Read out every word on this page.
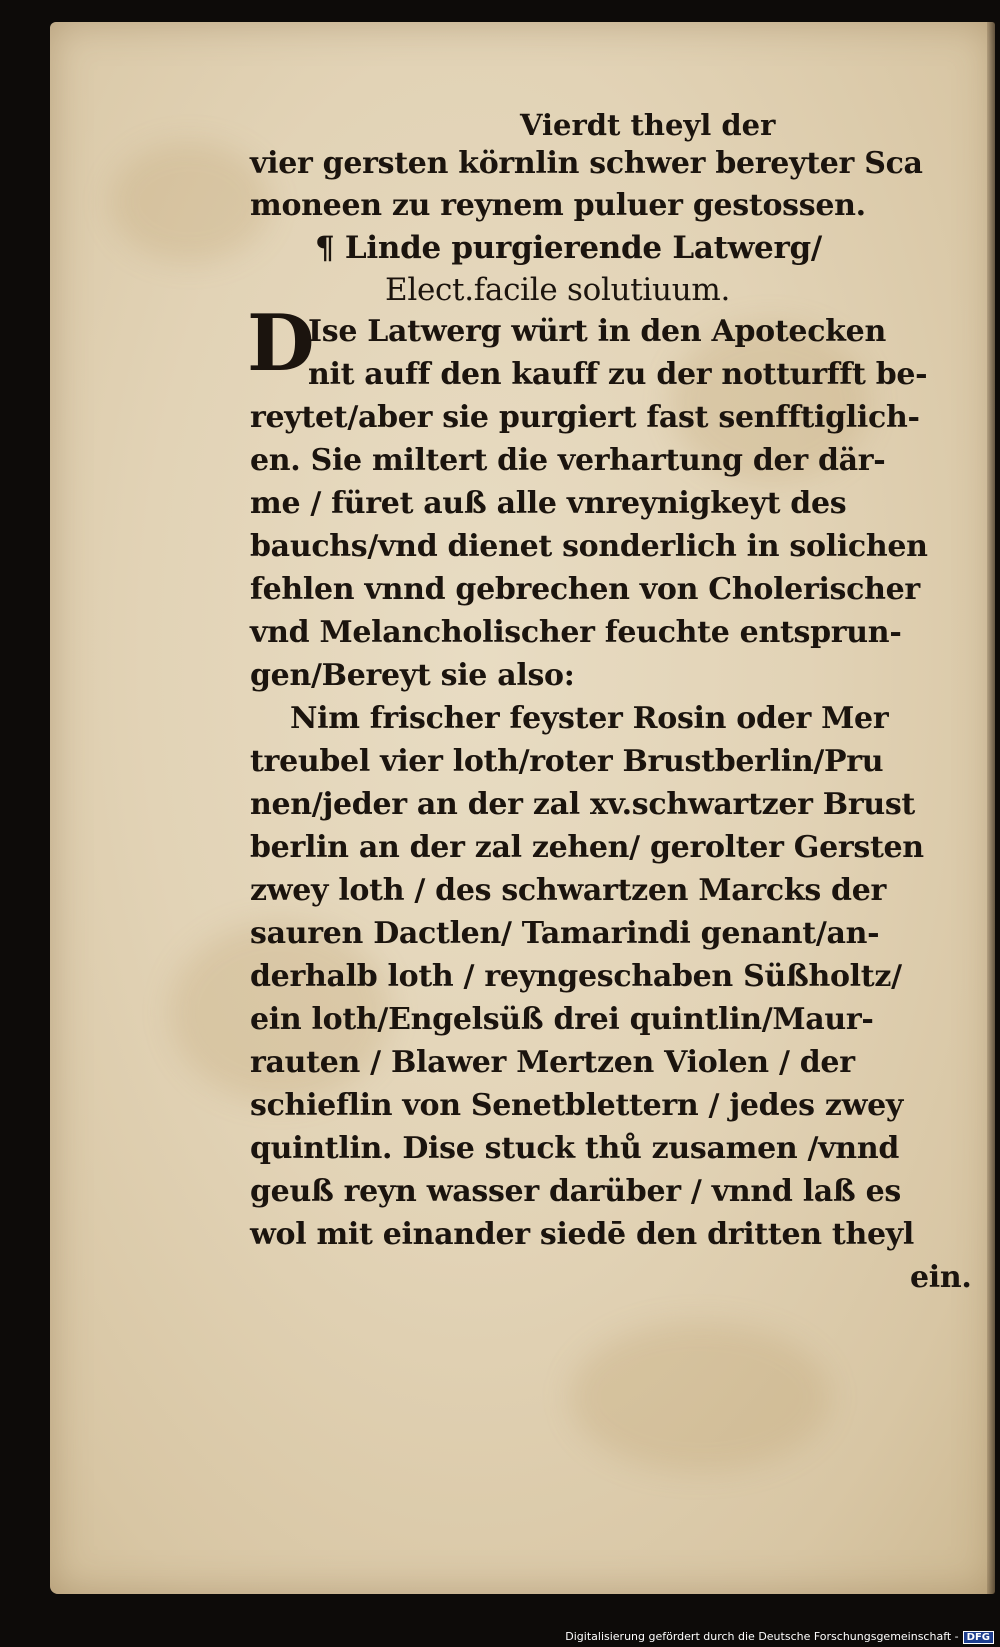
Vierdt theyl der
vier gersten körnlin schwer bereyter Sca
moneen zu reynem puluer gestossen.
¶ Linde purgierende Latwerg/
Elect.facile solutiuum.
D
Ise Latwerg würt in den Apotecken
nit auff den kauff zu der notturfft be-
reytet/aber sie purgiert fast senfftiglich-
en. Sie miltert die verhartung der där-
me / füret auß alle vnreynigkeyt des
bauchs/vnd dienet sonderlich in solichen
fehlen vnnd gebrechen von Cholerischer
vnd Melancholischer feuchte entsprun-
gen/Bereyt sie also:
Nim frischer feyster Rosin oder Mer
treubel vier loth/roter Brustberlin/Pru
nen/jeder an der zal xv.schwartzer Brust
berlin an der zal zehen/ gerolter Gersten
zwey loth / des schwartzen Marcks der
sauren Dactlen/ Tamarindi genant/an-
derhalb loth / reyngeschaben Süßholtz/
ein loth/Engelsüß drei quintlin/Maur-
rauten / Blawer Mertzen Violen / der
schieflin von Senetblettern / jedes zwey
quintlin. Dise stuck thů zusamen /vnnd
geuß reyn wasser darüber / vnnd laß es
wol mit einander siedē den dritten theyl
ein.
Digitalisierung gefördert durch die Deutsche Forschungsgemeinschaft - DFG
